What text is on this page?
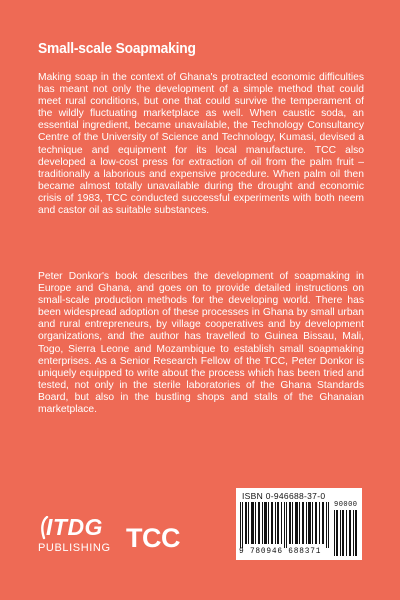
Small-scale Soapmaking

Making soap in the context of Ghana's protracted economic difficulties has meant not only the development of a simple method that could meet rural conditions, but one that could survive the temperament of the wildly fluctuating marketplace as well. When caustic soda, an essential ingredient, became unavailable, the Technology Consultancy Centre of the University of Science and Technology, Kumasi, devised a technique and equipment for its local manufacture. TCC also developed a low-cost press for extraction of oil from the palm fruit – traditionally a laborious and expensive procedure. When palm oil then became almost totally unavailable during the drought and economic crisis of 1983, TCC conducted successful experiments with both neem and castor oil as suitable substances.

Peter Donkor's book describes the development of soapmaking in Europe and Ghana, and goes on to provide detailed instructions on small-scale production methods for the developing world. There has been widespread adoption of these processes in Ghana by small urban and rural entrepreneurs, by village cooperatives and by development organizations, and the author has travelled to Guinea Bissau, Mali, Togo, Sierra Leone and Mozambique to establish small soapmaking enterprises. As a Senior Research Fellow of the TCC, Peter Donkor is uniquely equipped to write about the process which has been tried and tested, not only in the sterile laboratories of the Ghana Standards Board, but also in the bustling shops and stalls of the Ghanaian marketplace.

ITDG
PUBLISHING TCC
ISBN 0-946688-37-0
9 780946 688371
90000
